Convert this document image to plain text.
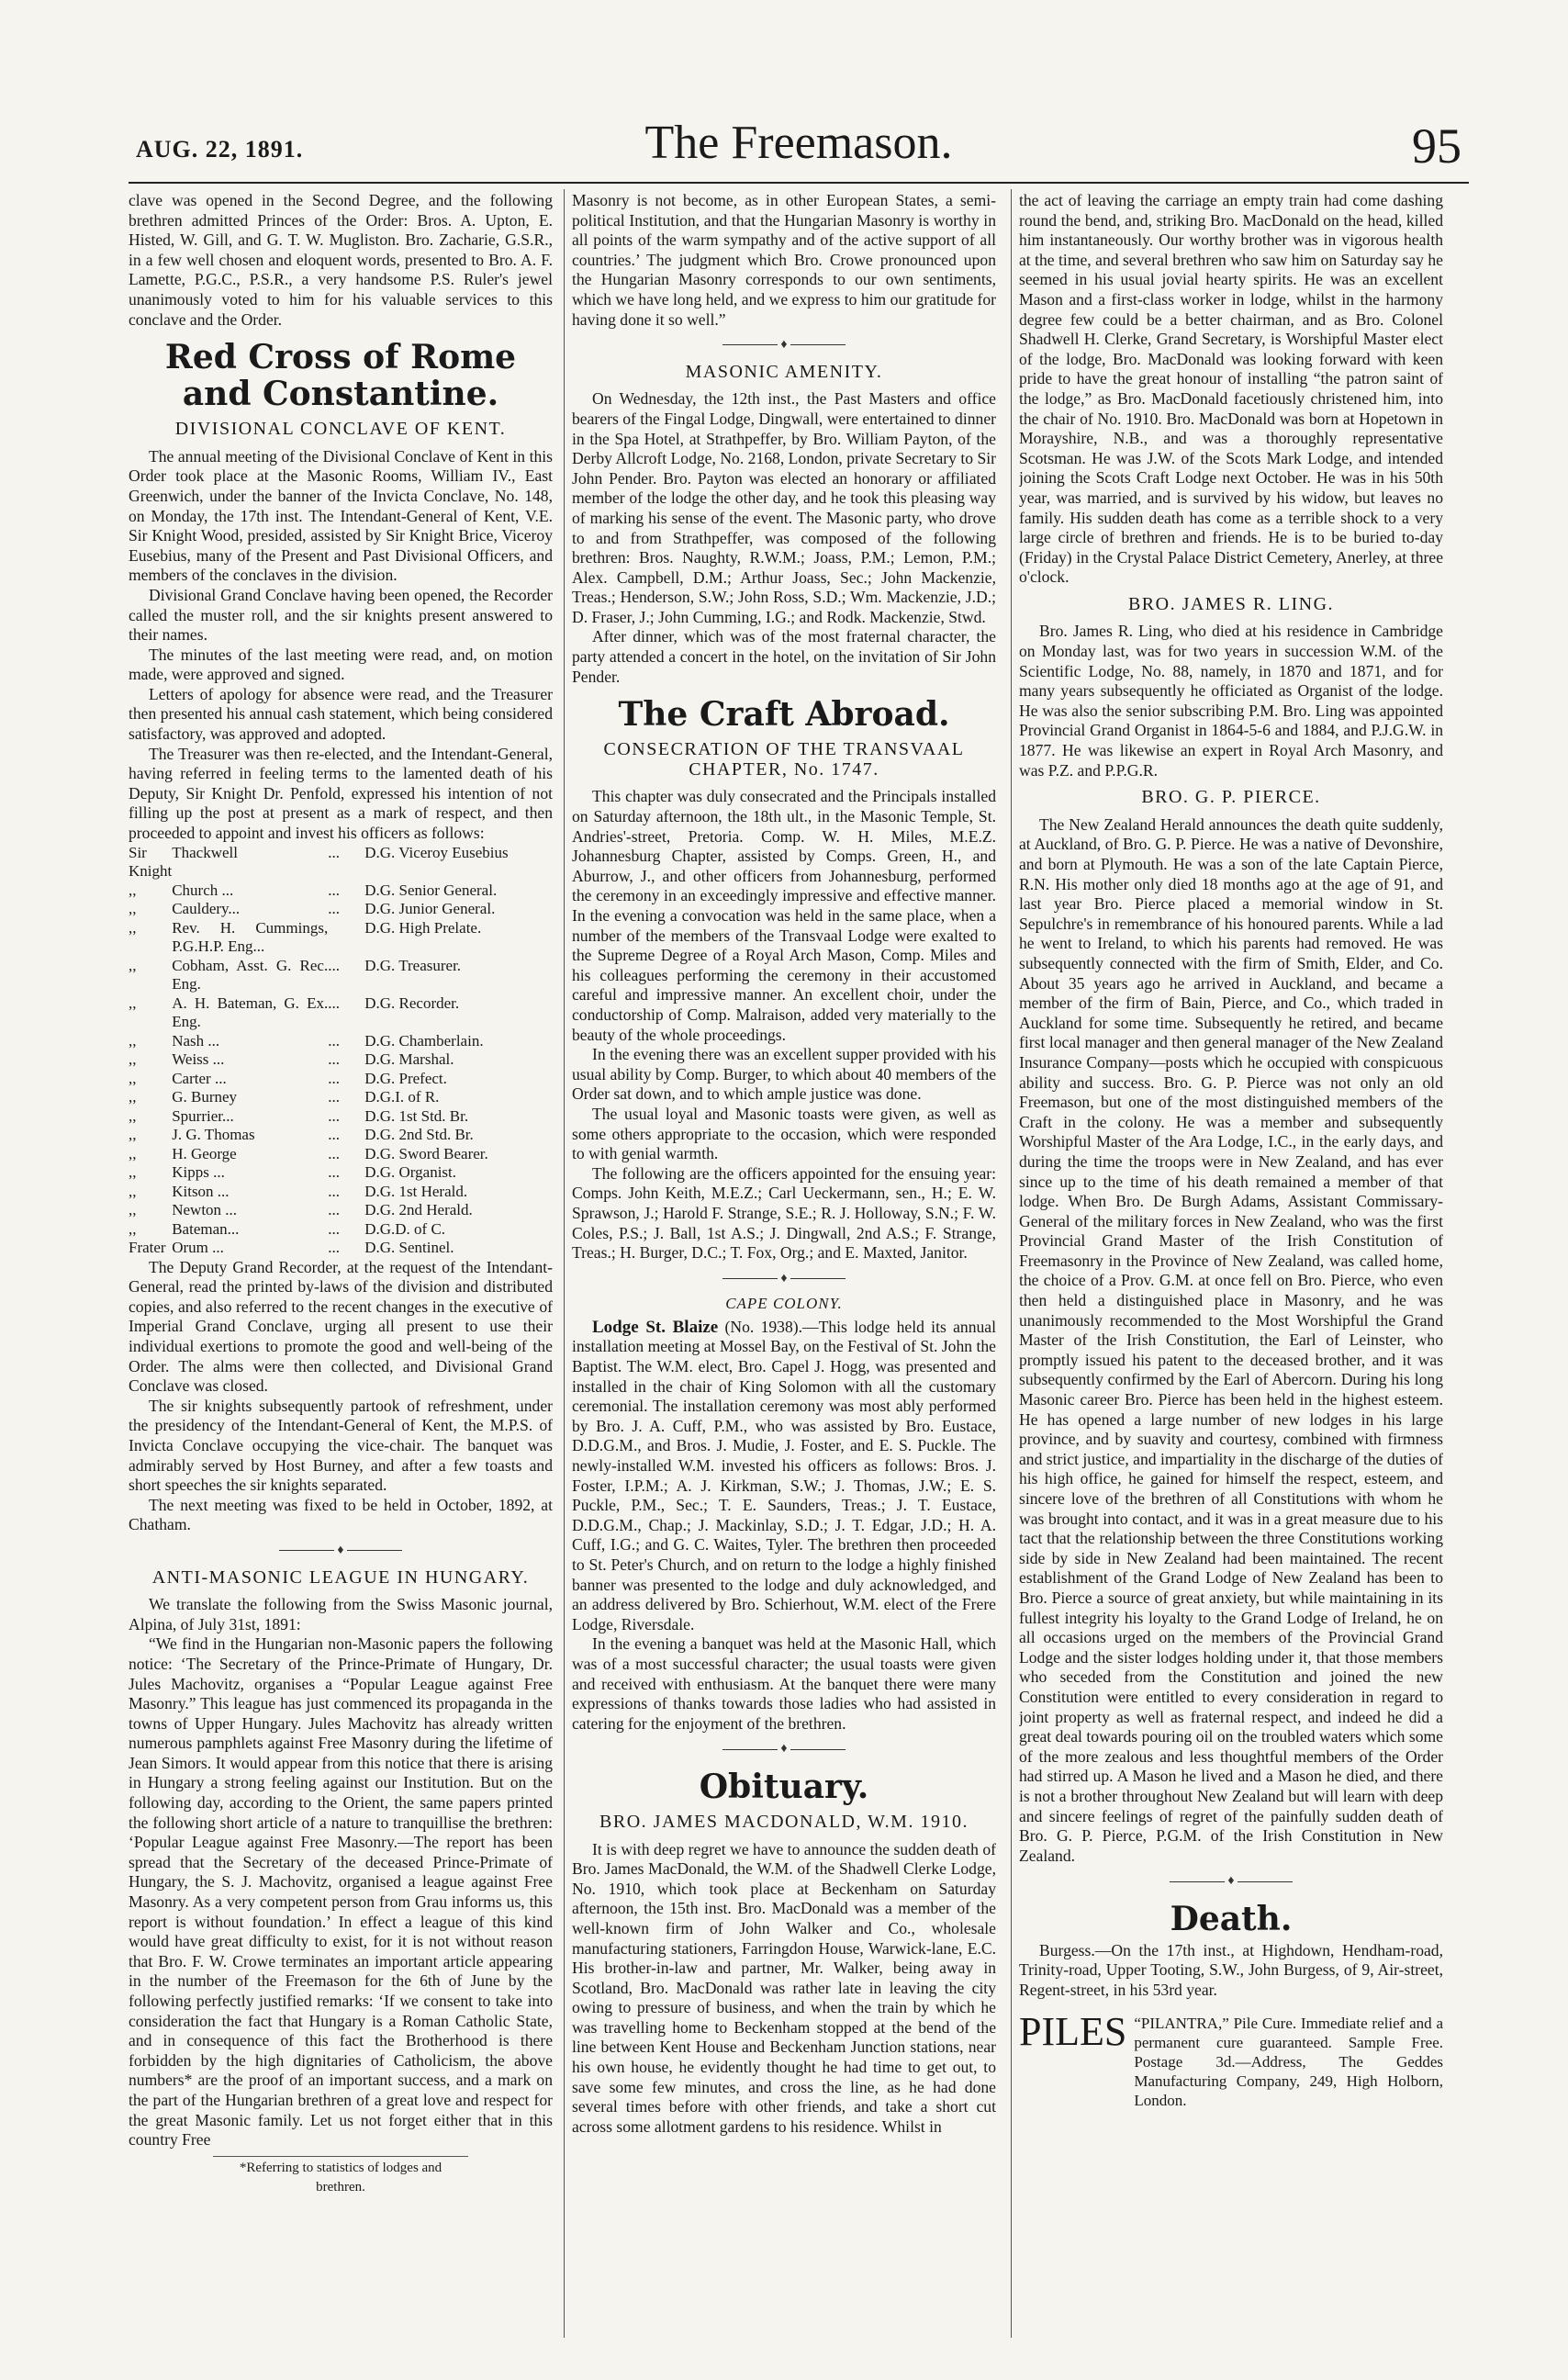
AUG. 22, 1891.	The Freemason.	95

clave was opened in the Second Degree, and the following brethren admitted Princes of the Order: Bros. A. Upton, E. Histed, W. Gill, and G. T. W. Mugliston. Bro. Zacharie, G.S.R., in a few well chosen and eloquent words, presented to Bro. A. F. Lamette, P.G.C., P.S.R., a very handsome P.S. Ruler's jewel unanimously voted to him for his valuable services to this conclave and the Order.

Red Cross of Rome and Constantine.
DIVISIONAL CONCLAVE OF KENT.

The annual meeting of the Divisional Conclave of Kent in this Order took place at the Masonic Rooms, William IV., East Greenwich, under the banner of the Invicta Conclave, No. 148, on Monday, the 17th inst. The Intendant-General of Kent, V.E. Sir Knight Wood, presided, assisted by Sir Knight Brice, Viceroy Eusebius, many of the Present and Past Divisional Officers, and members of the conclaves in the division.

Divisional Grand Conclave having been opened, the Recorder called the muster roll, and the sir knights present answered to their names.

The minutes of the last meeting were read, and, on motion made, were approved and signed.

Letters of apology for absence were read, and the Treasurer then presented his annual cash statement, which being considered satisfactory, was approved and adopted.

The Treasurer was then re-elected, and the Intendant-General, having referred in feeling terms to the lamented death of his Deputy, Sir Knight Dr. Penfold, expressed his intention of not filling up the post at present as a mark of respect, and then proceeded to appoint and invest his officers as follows:

Sir Knight	Thackwell	...	D.G. Viceroy Eusebius
,,	Church ...	...	D.G. Senior General.
,,	Cauldery...	...	D.G. Junior General.
,,	Rev. H. Cummings, P.G.H.P. Eng...		D.G. High Prelate.
,,	Cobham, Asst. G. Rec. Eng.	...	D.G. Treasurer.
,,	A. H. Bateman, G. Ex. Eng.	...	D.G. Recorder.
,,	Nash ...	...	D.G. Chamberlain.
,,	Weiss ...	...	D.G. Marshal.
,,	Carter ...	...	D.G. Prefect.
,,	G. Burney	...	D.G.I. of R.
,,	Spurrier...	...	D.G. 1st Std. Br.
,,	J. G. Thomas	...	D.G. 2nd Std. Br.
,,	H. George	...	D.G. Sword Bearer.
,,	Kipps ...	...	D.G. Organist.
,,	Kitson ...	...	D.G. 1st Herald.
,,	Newton ...	...	D.G. 2nd Herald.
,,	Bateman...	...	D.G.D. of C.
Frater	Orum ...	...	D.G. Sentinel.

The Deputy Grand Recorder, at the request of the Intendant-General, read the printed by-laws of the division and distributed copies, and also referred to the recent changes in the executive of Imperial Grand Conclave, urging all present to use their individual exertions to promote the good and well-being of the Order. The alms were then collected, and Divisional Grand Conclave was closed.

The sir knights subsequently partook of refreshment, under the presidency of the Intendant-General of Kent, the M.P.S. of Invicta Conclave occupying the vice-chair. The banquet was admirably served by Host Burney, and after a few toasts and short speeches the sir knights separated.

The next meeting was fixed to be held in October, 1892, at Chatham.

♦
ANTI-MASONIC LEAGUE IN HUNGARY.

We translate the following from the Swiss Masonic journal, Alpina, of July 31st, 1891:

“We find in the Hungarian non-Masonic papers the following notice: ‘The Secretary of the Prince-Primate of Hungary, Dr. Jules Machovitz, organises a “Popular League against Free Masonry.” This league has just commenced its propaganda in the towns of Upper Hungary. Jules Machovitz has already written numerous pamphlets against Free Masonry during the lifetime of Jean Simors. It would appear from this notice that there is arising in Hungary a strong feeling against our Institution. But on the following day, according to the Orient, the same papers printed the following short article of a nature to tranquillise the brethren: ‘Popular League against Free Masonry.—The report has been spread that the Secretary of the deceased Prince-Primate of Hungary, the S. J. Machovitz, organised a league against Free Masonry. As a very competent person from Grau informs us, this report is without foundation.’ In effect a league of this kind would have great difficulty to exist, for it is not without reason that Bro. F. W. Crowe terminates an important article appearing in the number of the Freemason for the 6th of June by the following perfectly justified remarks: ‘If we consent to take into consideration the fact that Hungary is a Roman Catholic State, and in consequence of this fact the Brotherhood is there forbidden by the high dignitaries of Catholicism, the above numbers* are the proof of an important success, and a mark on the part of the Hungarian brethren of a great love and respect for the great Masonic family. Let us not forget either that in this country Free

*Referring to statistics of lodges and brethren.

Masonry is not become, as in other European States, a semi-political Institution, and that the Hungarian Masonry is worthy in all points of the warm sympathy and of the active support of all countries.’ The judgment which Bro. Crowe pronounced upon the Hungarian Masonry corresponds to our own sentiments, which we have long held, and we express to him our gratitude for having done it so well.”

♦
MASONIC AMENITY.

On Wednesday, the 12th inst., the Past Masters and office bearers of the Fingal Lodge, Dingwall, were entertained to dinner in the Spa Hotel, at Strathpeffer, by Bro. William Payton, of the Derby Allcroft Lodge, No. 2168, London, private Secretary to Sir John Pender. Bro. Payton was elected an honorary or affiliated member of the lodge the other day, and he took this pleasing way of marking his sense of the event. The Masonic party, who drove to and from Strathpeffer, was composed of the following brethren: Bros. Naughty, R.W.M.; Joass, P.M.; Lemon, P.M.; Alex. Campbell, D.M.; Arthur Joass, Sec.; John Mackenzie, Treas.; Henderson, S.W.; John Ross, S.D.; Wm. Mackenzie, J.D.; D. Fraser, J.; John Cumming, I.G.; and Rodk. Mackenzie, Stwd.

After dinner, which was of the most fraternal character, the party attended a concert in the hotel, on the invitation of Sir John Pender.

The Craft Abroad.
CONSECRATION OF THE TRANSVAAL CHAPTER, No. 1747.

This chapter was duly consecrated and the Principals installed on Saturday afternoon, the 18th ult., in the Masonic Temple, St. Andries'-street, Pretoria. Comp. W. H. Miles, M.E.Z. Johannesburg Chapter, assisted by Comps. Green, H., and Aburrow, J., and other officers from Johannesburg, performed the ceremony in an exceedingly impressive and effective manner. In the evening a convocation was held in the same place, when a number of the members of the Transvaal Lodge were exalted to the Supreme Degree of a Royal Arch Mason, Comp. Miles and his colleagues performing the ceremony in their accustomed careful and impressive manner. An excellent choir, under the conductorship of Comp. Malraison, added very materially to the beauty of the whole proceedings.

In the evening there was an excellent supper provided with his usual ability by Comp. Burger, to which about 40 members of the Order sat down, and to which ample justice was done.

The usual loyal and Masonic toasts were given, as well as some others appropriate to the occasion, which were responded to with genial warmth.

The following are the officers appointed for the ensuing year: Comps. John Keith, M.E.Z.; Carl Ueckermann, sen., H.; E. W. Sprawson, J.; Harold F. Strange, S.E.; R. J. Holloway, S.N.; F. W. Coles, P.S.; J. Ball, 1st A.S.; J. Dingwall, 2nd A.S.; F. Strange, Treas.; H. Burger, D.C.; T. Fox, Org.; and E. Maxted, Janitor.

♦
CAPE COLONY.

Lodge St. Blaize (No. 1938).—This lodge held its annual installation meeting at Mossel Bay, on the Festival of St. John the Baptist. The W.M. elect, Bro. Capel J. Hogg, was presented and installed in the chair of King Solomon with all the customary ceremonial. The installation ceremony was most ably performed by Bro. J. A. Cuff, P.M., who was assisted by Bro. Eustace, D.D.G.M., and Bros. J. Mudie, J. Foster, and E. S. Puckle. The newly-installed W.M. invested his officers as follows: Bros. J. Foster, I.P.M.; A. J. Kirkman, S.W.; J. Thomas, J.W.; E. S. Puckle, P.M., Sec.; T. E. Saunders, Treas.; J. T. Eustace, D.D.G.M., Chap.; J. Mackinlay, S.D.; J. T. Edgar, J.D.; H. A. Cuff, I.G.; and G. C. Waites, Tyler. The brethren then proceeded to St. Peter's Church, and on return to the lodge a highly finished banner was presented to the lodge and duly acknowledged, and an address delivered by Bro. Schierhout, W.M. elect of the Frere Lodge, Riversdale.

In the evening a banquet was held at the Masonic Hall, which was of a most successful character; the usual toasts were given and received with enthusiasm. At the banquet there were many expressions of thanks towards those ladies who had assisted in catering for the enjoyment of the brethren.

♦
Obituary.
BRO. JAMES MACDONALD, W.M. 1910.

It is with deep regret we have to announce the sudden death of Bro. James MacDonald, the W.M. of the Shadwell Clerke Lodge, No. 1910, which took place at Beckenham on Saturday afternoon, the 15th inst. Bro. MacDonald was a member of the well-known firm of John Walker and Co., wholesale manufacturing stationers, Farringdon House, Warwick-lane, E.C. His brother-in-law and partner, Mr. Walker, being away in Scotland, Bro. MacDonald was rather late in leaving the city owing to pressure of business, and when the train by which he was travelling home to Beckenham stopped at the bend of the line between Kent House and Beckenham Junction stations, near his own house, he evidently thought he had time to get out, to save some few minutes, and cross the line, as he had done several times before with other friends, and take a short cut across some allotment gardens to his residence. Whilst in

the act of leaving the carriage an empty train had come dashing round the bend, and, striking Bro. MacDonald on the head, killed him instantaneously. Our worthy brother was in vigorous health at the time, and several brethren who saw him on Saturday say he seemed in his usual jovial hearty spirits. He was an excellent Mason and a first-class worker in lodge, whilst in the harmony degree few could be a better chairman, and as Bro. Colonel Shadwell H. Clerke, Grand Secretary, is Worshipful Master elect of the lodge, Bro. MacDonald was looking forward with keen pride to have the great honour of installing “the patron saint of the lodge,” as Bro. MacDonald facetiously christened him, into the chair of No. 1910. Bro. MacDonald was born at Hopetown in Morayshire, N.B., and was a thoroughly representative Scotsman. He was J.W. of the Scots Mark Lodge, and intended joining the Scots Craft Lodge next October. He was in his 50th year, was married, and is survived by his widow, but leaves no family. His sudden death has come as a terrible shock to a very large circle of brethren and friends. He is to be buried to-day (Friday) in the Crystal Palace District Cemetery, Anerley, at three o'clock.

BRO. JAMES R. LING.

Bro. James R. Ling, who died at his residence in Cambridge on Monday last, was for two years in succession W.M. of the Scientific Lodge, No. 88, namely, in 1870 and 1871, and for many years subsequently he officiated as Organist of the lodge. He was also the senior subscribing P.M. Bro. Ling was appointed Provincial Grand Organist in 1864-5-6 and 1884, and P.J.G.W. in 1877. He was likewise an expert in Royal Arch Masonry, and was P.Z. and P.P.G.R.

BRO. G. P. PIERCE.

The New Zealand Herald announces the death quite suddenly, at Auckland, of Bro. G. P. Pierce. He was a native of Devonshire, and born at Plymouth. He was a son of the late Captain Pierce, R.N. His mother only died 18 months ago at the age of 91, and last year Bro. Pierce placed a memorial window in St. Sepulchre's in remembrance of his honoured parents. While a lad he went to Ireland, to which his parents had removed. He was subsequently connected with the firm of Smith, Elder, and Co. About 35 years ago he arrived in Auckland, and became a member of the firm of Bain, Pierce, and Co., which traded in Auckland for some time. Subsequently he retired, and became first local manager and then general manager of the New Zealand Insurance Company—posts which he occupied with conspicuous ability and success. Bro. G. P. Pierce was not only an old Freemason, but one of the most distinguished members of the Craft in the colony. He was a member and subsequently Worshipful Master of the Ara Lodge, I.C., in the early days, and during the time the troops were in New Zealand, and has ever since up to the time of his death remained a member of that lodge. When Bro. De Burgh Adams, Assistant Commissary-General of the military forces in New Zealand, who was the first Provincial Grand Master of the Irish Constitution of Freemasonry in the Province of New Zealand, was called home, the choice of a Prov. G.M. at once fell on Bro. Pierce, who even then held a distinguished place in Masonry, and he was unanimously recommended to the Most Worshipful the Grand Master of the Irish Constitution, the Earl of Leinster, who promptly issued his patent to the deceased brother, and it was subsequently confirmed by the Earl of Abercorn. During his long Masonic career Bro. Pierce has been held in the highest esteem. He has opened a large number of new lodges in his large province, and by suavity and courtesy, combined with firmness and strict justice, and impartiality in the discharge of the duties of his high office, he gained for himself the respect, esteem, and sincere love of the brethren of all Constitutions with whom he was brought into contact, and it was in a great measure due to his tact that the relationship between the three Constitutions working side by side in New Zealand had been maintained. The recent establishment of the Grand Lodge of New Zealand has been to Bro. Pierce a source of great anxiety, but while maintaining in its fullest integrity his loyalty to the Grand Lodge of Ireland, he on all occasions urged on the members of the Provincial Grand Lodge and the sister lodges holding under it, that those members who seceded from the Constitution and joined the new Constitution were entitled to every consideration in regard to joint property as well as fraternal respect, and indeed he did a great deal towards pouring oil on the troubled waters which some of the more zealous and less thoughtful members of the Order had stirred up. A Mason he lived and a Mason he died, and there is not a brother throughout New Zealand but will learn with deep and sincere feelings of regret of the painfully sudden death of Bro. G. P. Pierce, P.G.M. of the Irish Constitution in New Zealand.

♦
Death.

Burgess.—On the 17th inst., at Highdown, Hendham-road, Trinity-road, Upper Tooting, S.W., John Burgess, of 9, Air-street, Regent-street, in his 53rd year.

PILES “PILANTRA,” Pile Cure. Immediate relief and a permanent cure guaranteed. Sample Free. Postage 3d.—Address, The Geddes Manufacturing Company, 249, High Holborn, London.
